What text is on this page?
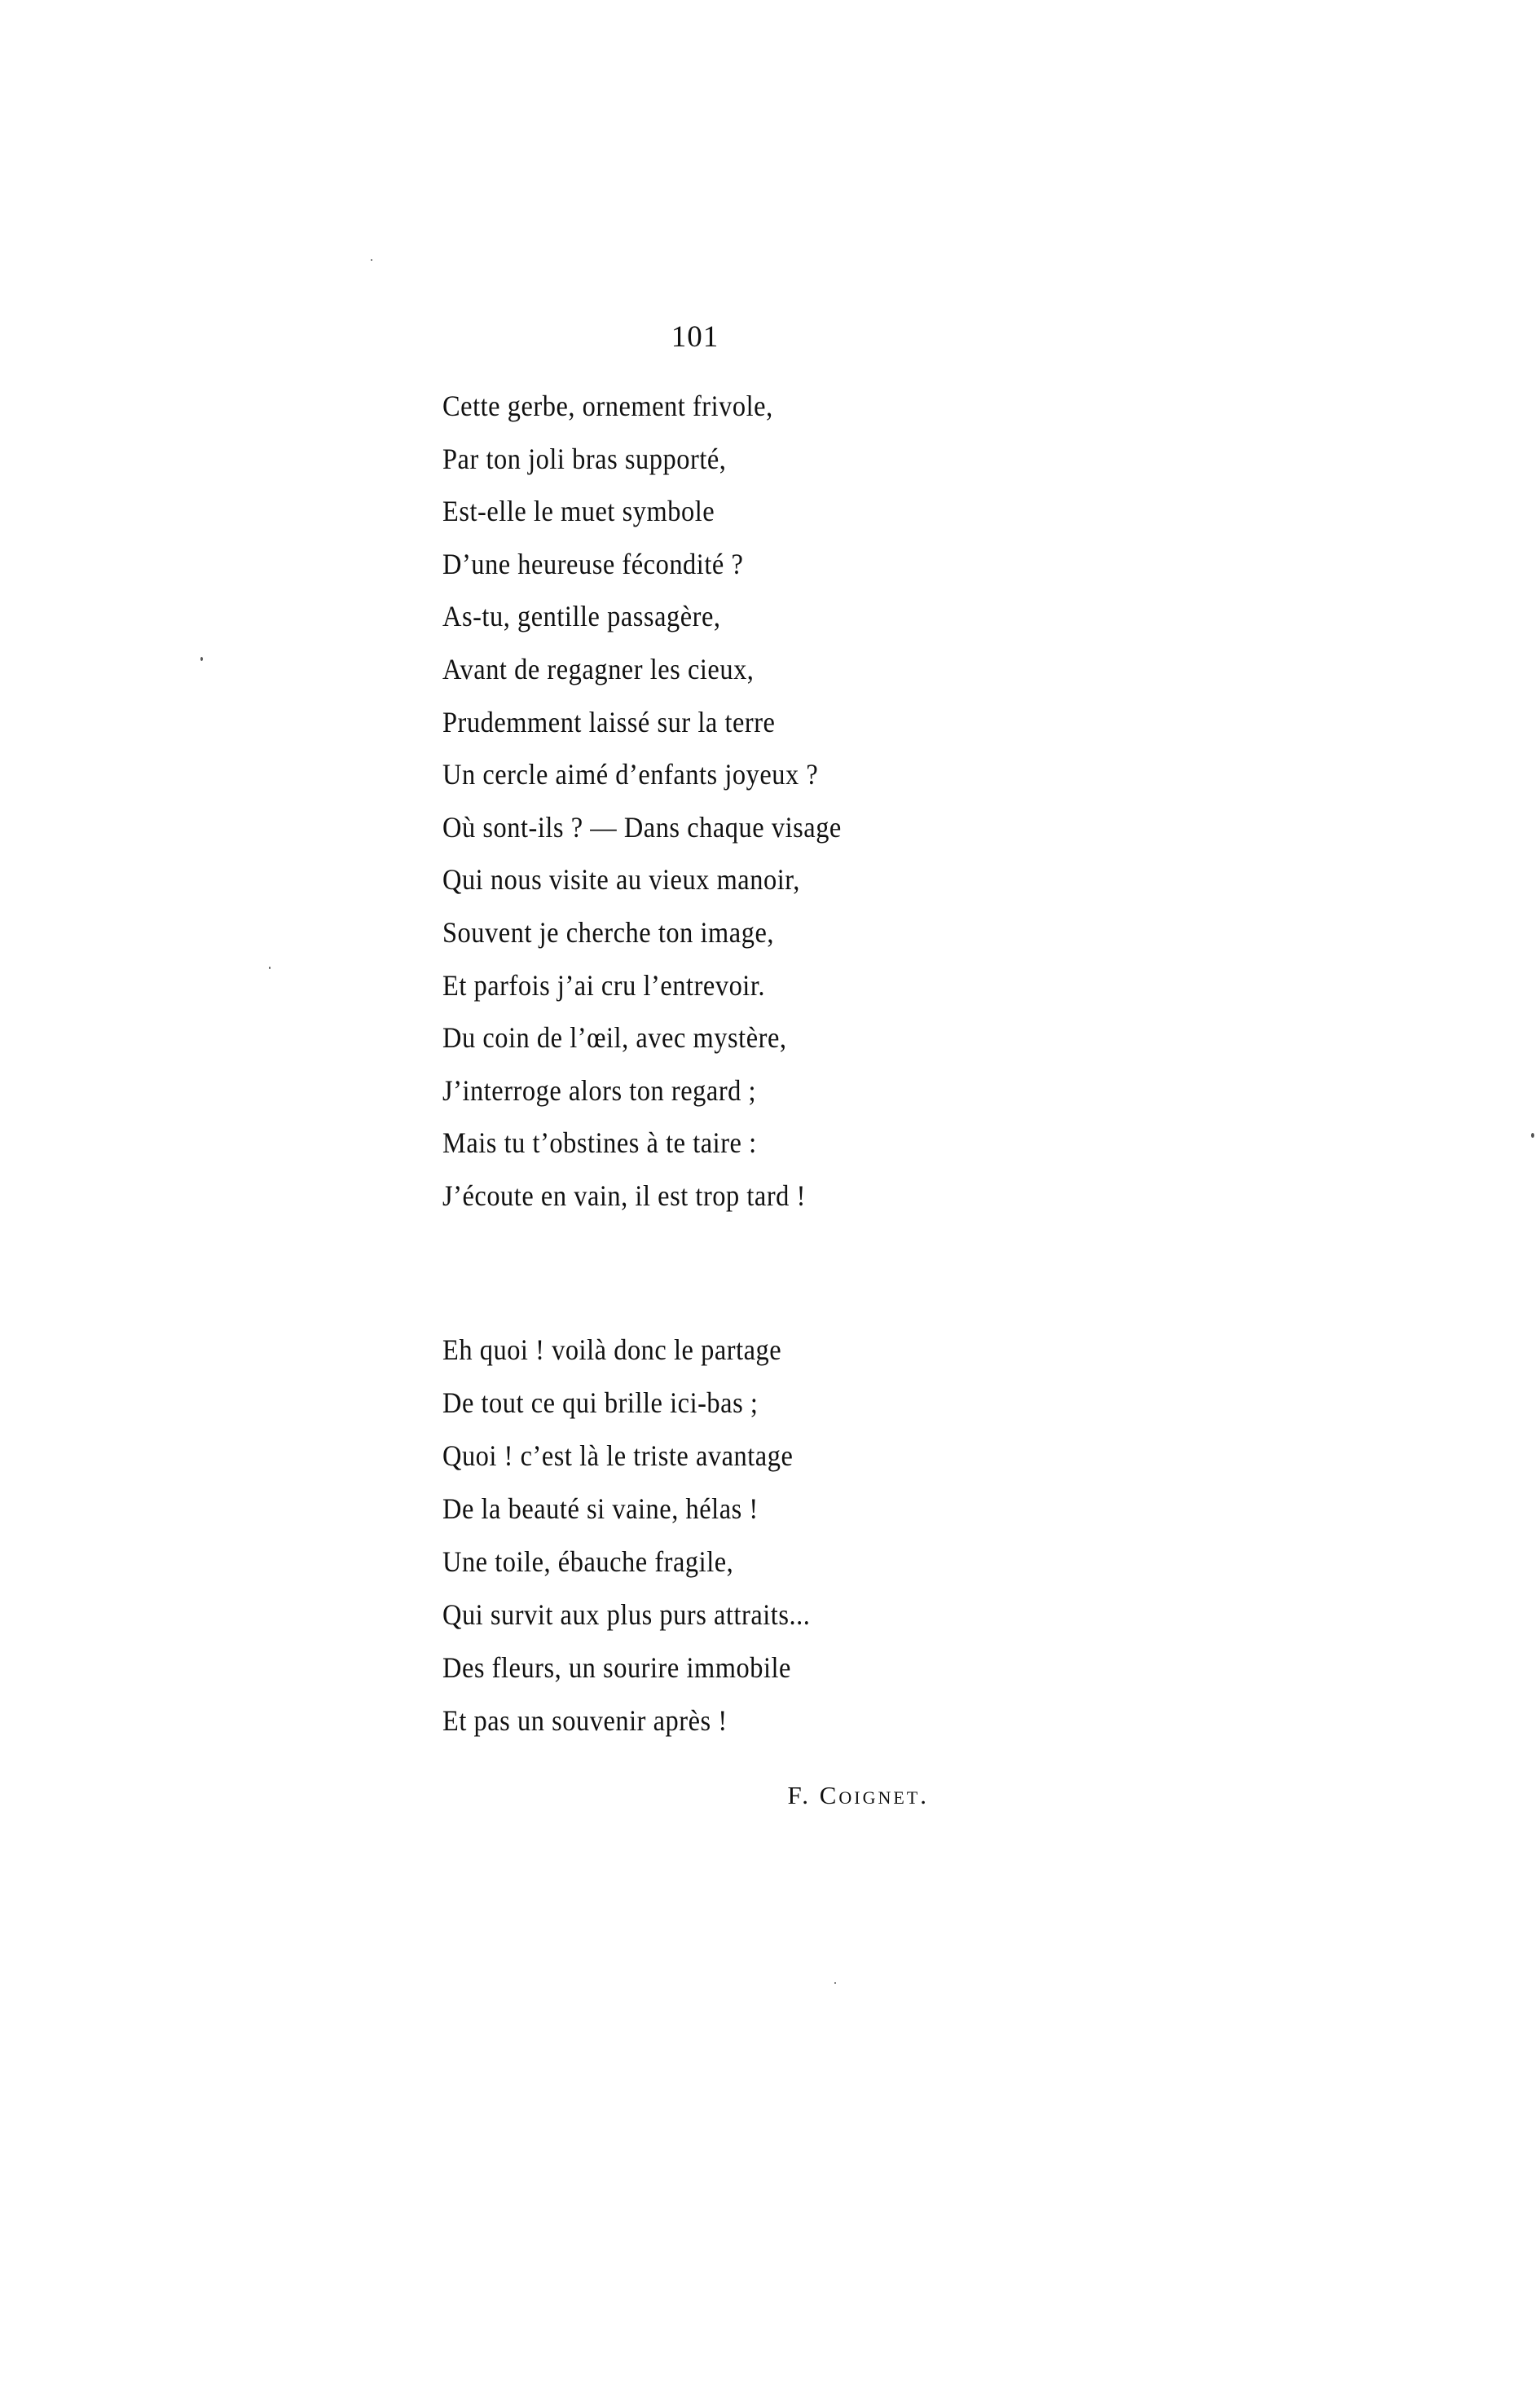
101
Cette gerbe, ornement frivole,
Par ton joli bras supporté,
Est-elle le muet symbole
D’une heureuse fécondité ?
As-tu, gentille passagère,
Avant de regagner les cieux,
Prudemment laissé sur la terre
Un cercle aimé d’enfants joyeux ?
Où sont-ils ? — Dans chaque visage
Qui nous visite au vieux manoir,
Souvent je cherche ton image,
Et parfois j’ai cru l’entrevoir.
Du coin de l’œil, avec mystère,
J’interroge alors ton regard ;
Mais tu t’obstines à te taire :
J’écoute en vain, il est trop tard !
Eh quoi ! voilà donc le partage
De tout ce qui brille ici-bas ;
Quoi ! c’est là le triste avantage
De la beauté si vaine, hélas !
Une toile, ébauche fragile,
Qui survit aux plus purs attraits...
Des fleurs, un sourire immobile
Et pas un souvenir après !
F. Coignet.
